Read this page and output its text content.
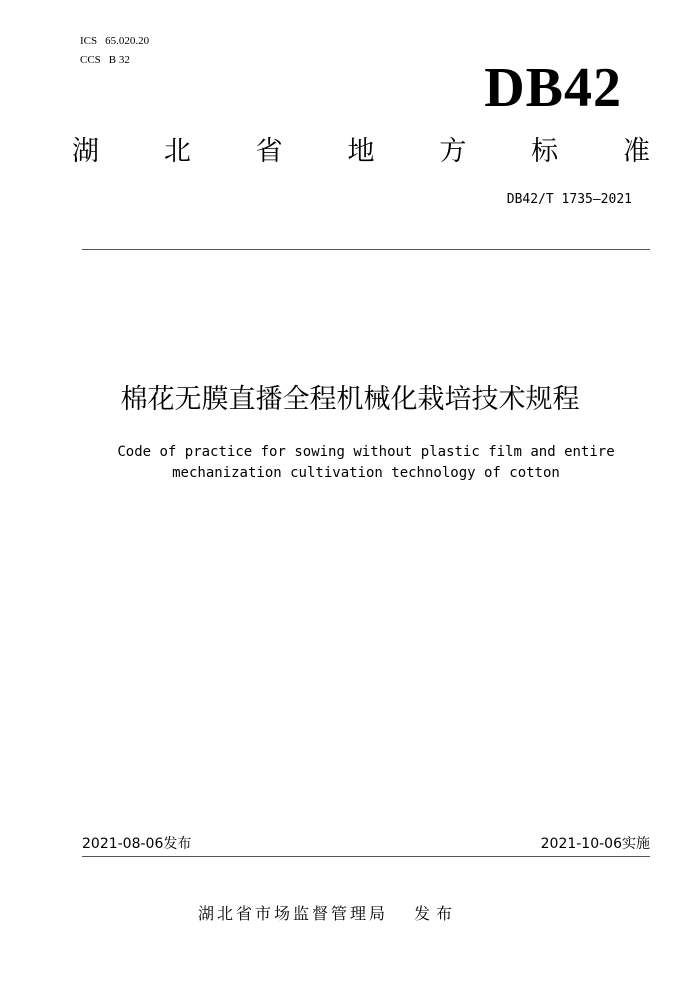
ICS 65.020.20
CCS B 32	DB42
湖 北 省 地 方 标 准
DB42/T 1735—2021
棉花无膜直播全程机械化栽培技术规程
Code of practice for sowing without plastic film and entire
mechanization cultivation technology of cotton
2021-08-06发布	2021-10-06实施
湖北省市场监督管理局 发布
